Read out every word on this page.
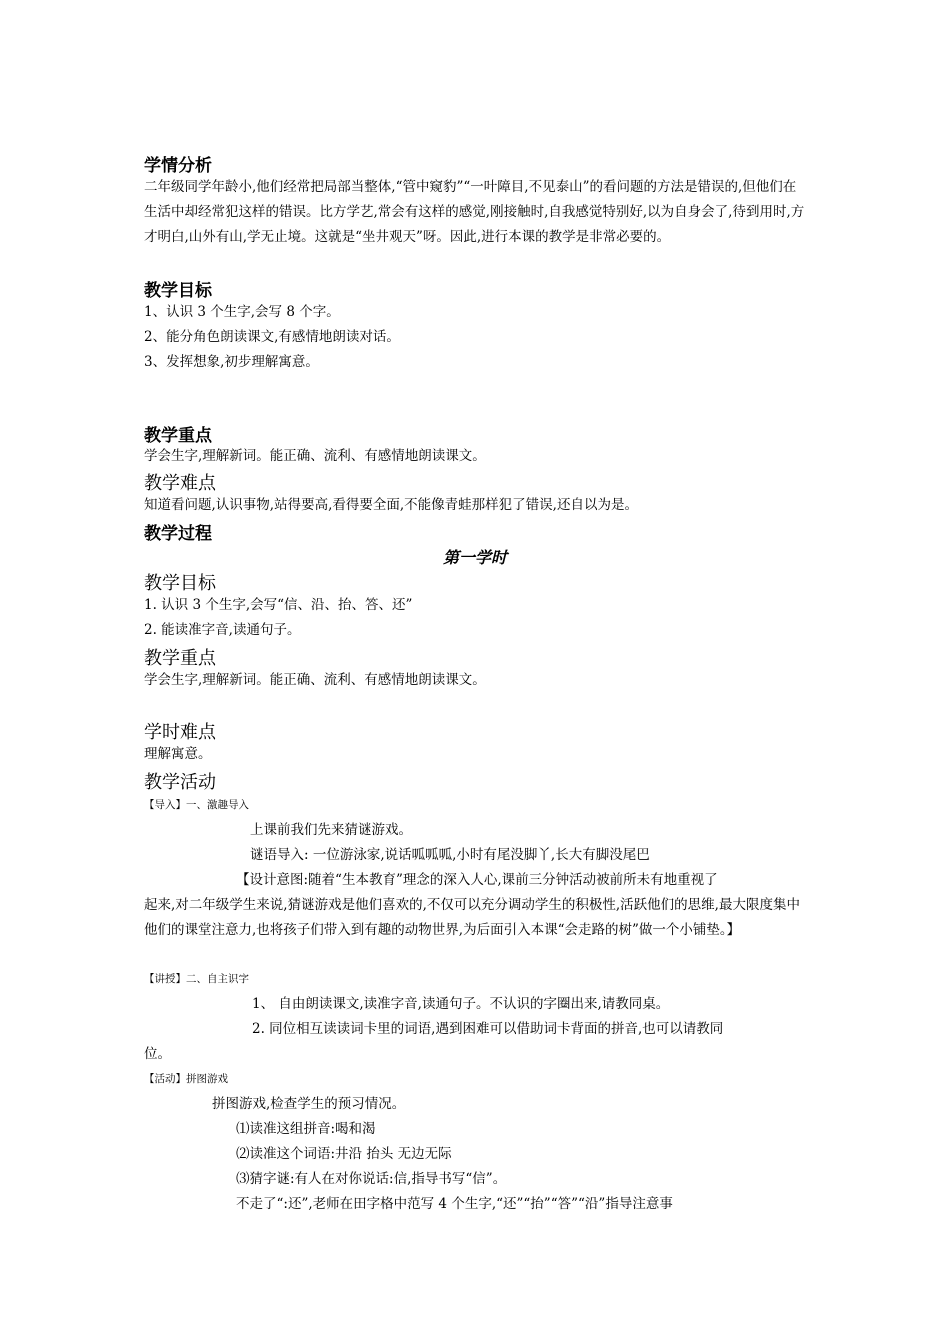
学情分析
二年级同学年龄小,他们经常把局部当整体,“管中窥豹”“一叶障目,不见泰山”的看问题的方法是错误的,但他们在生活中却经常犯这样的错误。比方学艺,常会有这样的感觉,刚接触时,自我感觉特别好,以为自身会了,待到用时,方才明白,山外有山,学无止境。这就是“坐井观天”呀。因此,进行本课的教学是非常必要的。
教学目标
1、认识 3 个生字,会写 8 个字。
2、能分角色朗读课文,有感情地朗读对话。
3、发挥想象,初步理解寓意。
教学重点
学会生字,理解新词。能正确、流利、有感情地朗读课文。
教学难点
知道看问题,认识事物,站得要高,看得要全面,不能像青蛙那样犯了错误,还自以为是。
教学过程
第一学时
教学目标
1. 认识 3 个生字,会写“信、沿、抬、答、还”
2. 能读准字音,读通句子。
教学重点
学会生字,理解新词。能正确、流利、有感情地朗读课文。
学时难点
理解寓意。
教学活动
【导入】一、激趣导入
上课前我们先来猜谜游戏。
谜语导入: 一位游泳家,说话呱呱呱,小时有尾没脚丫,长大有脚没尾巴
【设计意图:随着“生本教育”理念的深入人心,课前三分钟活动被前所未有地重视了
起来,对二年级学生来说,猜谜游戏是他们喜欢的,不仅可以充分调动学生的积极性,活跃他们的思维,最大限度集中他们的课堂注意力,也将孩子们带入到有趣的动物世界,为后面引入本课“会走路的树”做一个小铺垫。】
【讲授】二、自主识字
1、 自由朗读课文,读准字音,读通句子。不认识的字圈出来,请教同桌。
2. 同位相互读读词卡里的词语,遇到困难可以借助词卡背面的拼音,也可以请教同
位。
【活动】拼图游戏
拼图游戏,检查学生的预习情况。
⑴读准这组拼音:喝和渴
⑵读准这个词语:井沿 抬头 无边无际
⑶猜字谜:有人在对你说话:信,指导书写“信”。
不走了“:还”,老师在田字格中范写 4 个生字,“还”“抬”“答”“沿”指导注意事
